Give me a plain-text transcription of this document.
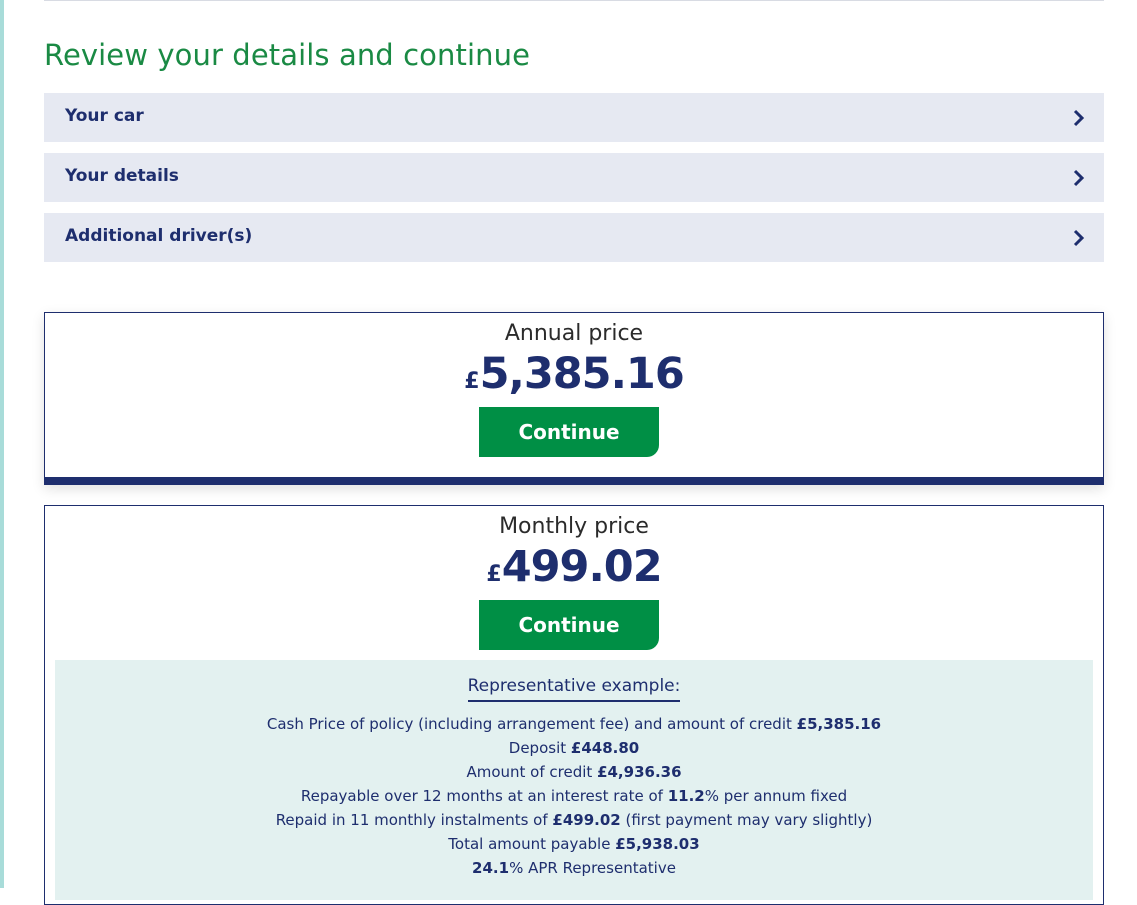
Review your details and continue
Your car
Your details
Additional driver(s)
Annual price
£5,385.16
Continue
Monthly price
£499.02
Continue
Representative example:
Cash Price of policy (including arrangement fee) and amount of credit £5,385.16
Deposit £448.80
Amount of credit £4,936.36
Repayable over 12 months at an interest rate of 11.2% per annum fixed
Repaid in 11 monthly instalments of £499.02 (first payment may vary slightly)
Total amount payable £5,938.03
24.1% APR Representative
